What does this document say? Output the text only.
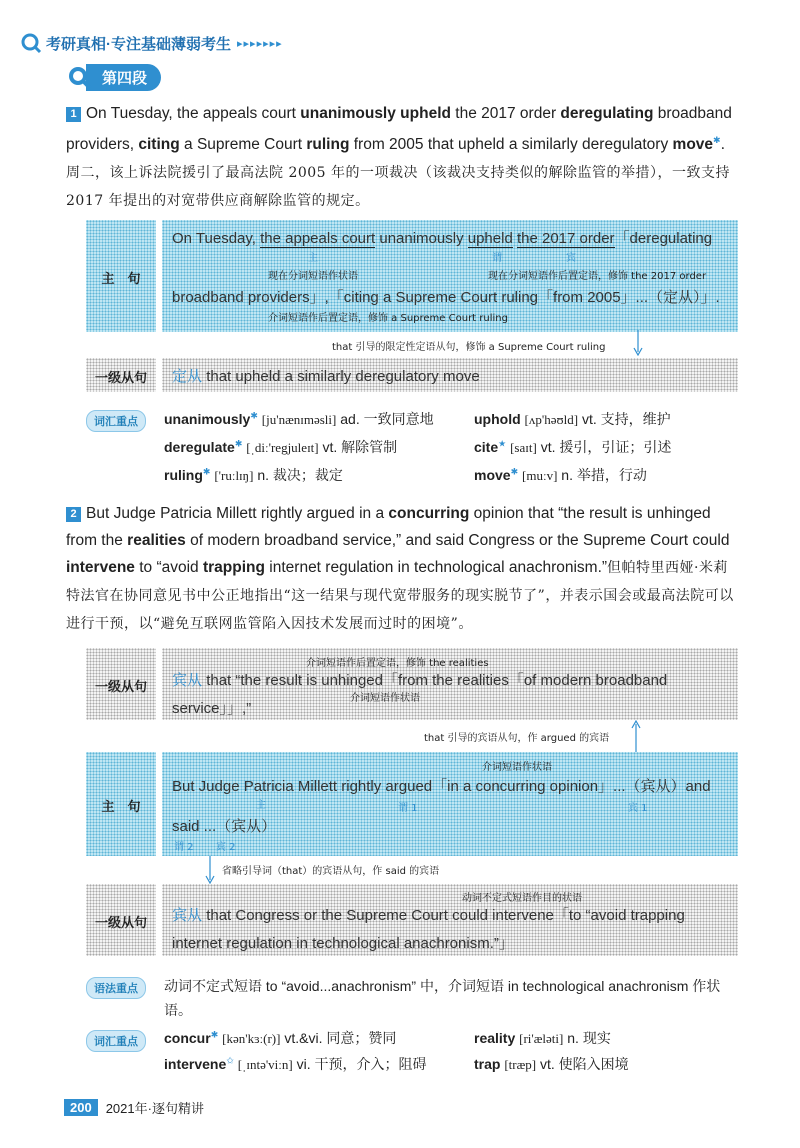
考研真相·专注基础薄弱考生 ▸▸▸▸▸▸▸
第四段
1 On Tuesday, the appeals court unanimously upheld the 2017 order deregulating broadband providers, citing a Supreme Court ruling from 2005 that upheld a similarly deregulatory move✱. 周二，该上诉法院援引了最高法院 2005 年的一项裁决（该裁决支持类似的解除监管的举措），一致支持 2017 年提出的对宽带供应商解除监管的规定。
主　句
On Tuesday, the appeals court unanimously upheld the 2017 order「deregulating
主	谓	宾
现在分词短语作状语	现在分词短语作后置定语，修饰 the 2017 order
broadband providers」,「citing a Supreme Court ruling「from 2005」...（定从）」.
介词短语作后置定语，修饰 a Supreme Court ruling
that 引导的限定性定语从句，修饰 a Supreme Court ruling
一级从句	定从 that upheld a similarly deregulatory move
词汇重点	unanimously✱ [ju'nænɪməsli] ad. 一致同意地	uphold [ʌp'həʊld] vt. 支持，维护
deregulate✱ [ˌdiː'regjuleɪt] vt. 解除管制	cite★ [saɪt] vt. 援引，引证；引述
ruling✱ ['ruːlɪŋ] n. 裁决；裁定	move✱ [muːv] n. 举措，行动
2 But Judge Patricia Millett rightly argued in a concurring opinion that “the result is unhinged from the realities of modern broadband service,” and said Congress or the Supreme Court could intervene to “avoid trapping internet regulation in technological anachronism.”但帕特里西娅·米莉特法官在协同意见书中公正地指出“这一结果与现代宽带服务的现实脱节了”，并表示国会或最高法院可以进行干预，以“避免互联网监管陷入因技术发展而过时的困境”。
一级从句
介词短语作后置定语，修饰 the realities
宾从 that “the result is unhinged「from the realities「of modern broadband
介词短语作状语
service」」,”
that 引导的宾语从句，作 argued 的宾语
主　句
介词短语作状语
But Judge Patricia Millett rightly argued「in a concurring opinion」...（宾从）and
主	谓 1	宾 1
said ...（宾从）
谓 2 宾 2
省略引导词（that）的宾语从句，作 said 的宾语
一级从句
动词不定式短语作目的状语
宾从 that Congress or the Supreme Court could intervene「to “avoid trapping
internet regulation in technological anachronism.”」
语法重点	动词不定式短语 to “avoid...anachronism” 中，介词短语 in technological anachronism 作状语。
词汇重点	concur✱ [kən'kɜː(r)] vt.&vi. 同意；赞同	reality [ri'æləti] n. 现实
intervene✩ [ˌɪntə'viːn] vi. 干预，介入；阻碍	trap [træp] vt. 使陷入困境
200	2021年·逐句精讲
